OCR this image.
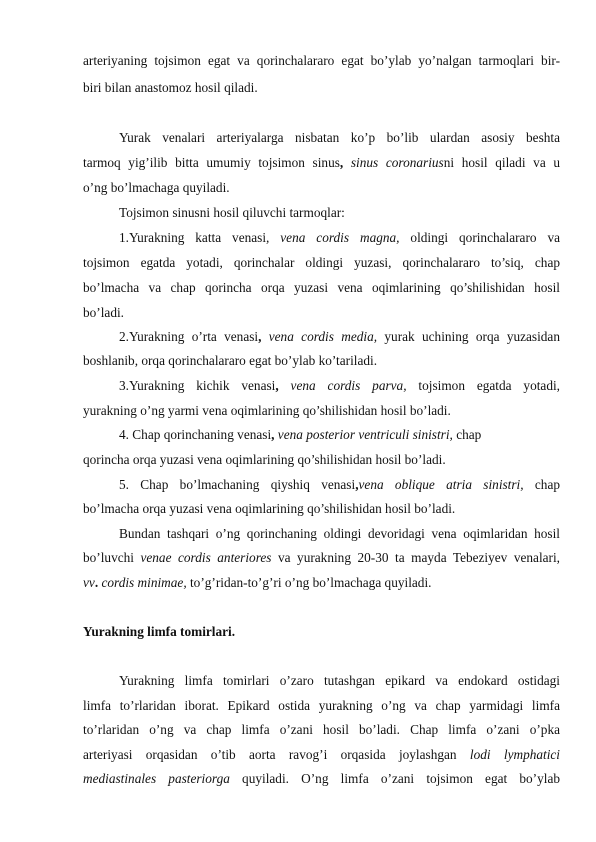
arteriyaning tojsimon egat va qorinchalararo egat bo’ylab yo’nalgan tarmoqlari bir-
biri bilan anastomoz hosil qiladi.
Yurak venalari arteriyalarga nisbatan ko’p bo’lib ulardan asosiy beshta
tarmoq yig’ilib bitta umumiy tojsimon sinus, sinus coronariusni hosil qiladi va u
o’ng bo’lmachaga quyiladi.
Tojsimon sinusni hosil qiluvchi tarmoqlar:
1.Yurakning katta venasi, vena cordis magna, oldingi qorinchalararo va
tojsimon egatda yotadi, qorinchalar oldingi yuzasi, qorinchalararo to’siq, chap
bo’lmacha va chap qorincha orqa yuzasi vena oqimlarining qo’shilishidan hosil
bo’ladi.
2.Yurakning o’rta venasi, vena cordis media, yurak uchining orqa yuzasidan
boshlanib, orqa qorinchalararo egat bo’ylab ko’tariladi.
3.Yurakning kichik venasi, vena cordis parva, tojsimon egatda yotadi,
yurakning o’ng yarmi vena oqimlarining qo’shilishidan hosil bo’ladi.
4. Chap qorinchaning venasi, vena posterior ventriculi sinistri, chap
qorincha orqa yuzasi vena oqimlarining qo’shilishidan hosil bo’ladi.
5. Chap bo’lmachaning qiyshiq venasi,vena oblique atria sinistri, chap
bo’lmacha orqa yuzasi vena oqimlarining qo’shilishidan hosil bo’ladi.
Bundan tashqari o’ng qorinchaning oldingi devoridagi vena oqimlaridan hosil
bo’luvchi venae cordis anteriores va yurakning 20-30 ta mayda Tebeziyev venalari,
vv. cordis minimae, to’g’ridan-to’g’ri o’ng bo’lmachaga quyiladi.
Yurakning limfa tomirlari.
Yurakning limfa tomirlari o’zaro tutashgan epikard va endokard ostidagi
limfa to’rlaridan iborat. Epikard ostida yurakning o’ng va chap yarmidagi limfa
to’rlaridan o’ng va chap limfa o’zani hosil bo’ladi. Chap limfa o’zani o’pka
arteriyasi orqasidan o’tib aorta ravog’i orqasida joylashgan lodi lymphatici
mediastinales pasteriorga quyiladi. O’ng limfa o’zani tojsimon egat bo’ylab
